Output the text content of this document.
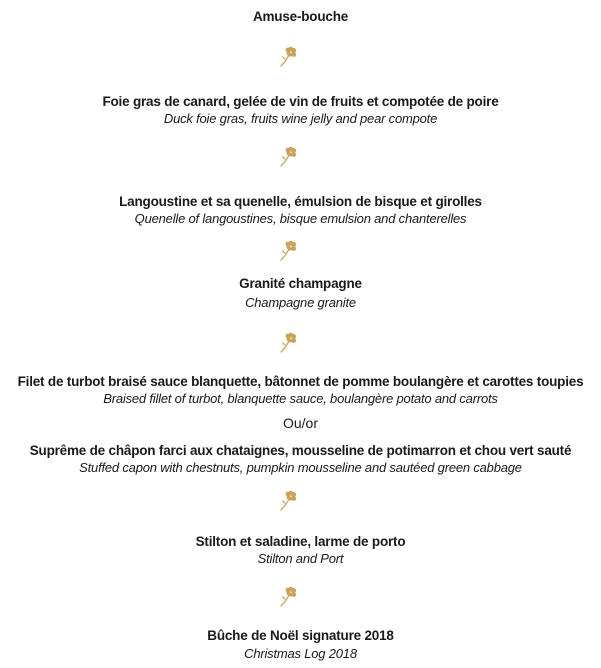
Amuse-bouche
Foie gras de canard, gelée de vin de fruits et compotée de poire
Duck foie gras, fruits wine jelly and pear compote
Langoustine et sa quenelle, émulsion de bisque et girolles
Quenelle of langoustines, bisque emulsion and chanterelles
Granité champagne
Champagne granite
Filet de turbot braisé sauce blanquette, bâtonnet de pomme boulangère et carottes toupies
Braised fillet of turbot, blanquette sauce, boulangère potato and carrots
Ou/or
Suprême de châpon farci aux chataignes, mousseline de potimarron et chou vert sauté
Stuffed capon with chestnuts, pumpkin mousseline and sautéed green cabbage
Stilton et saladine, larme de porto
Stilton and Port
Bûche de Noël signature 2018
Christmas Log 2018
